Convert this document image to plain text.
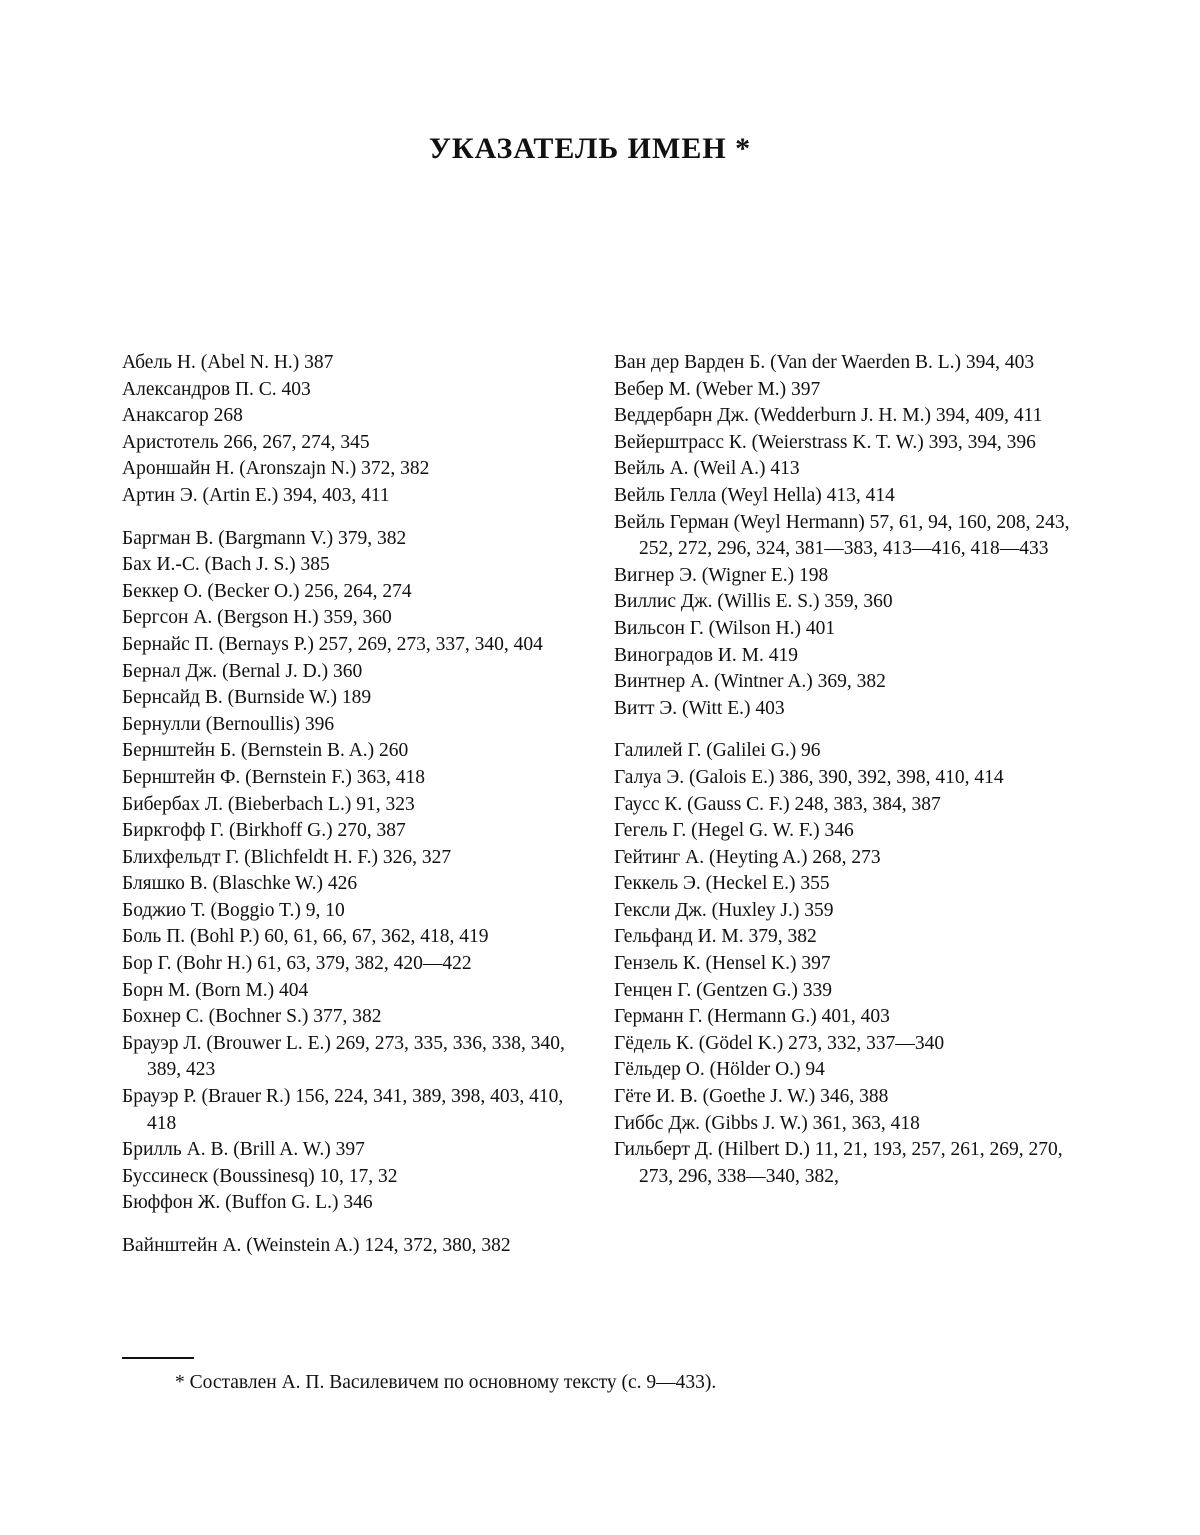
УКАЗАТЕЛЬ ИМЕН *
Абель Н. (Abel N. H.) 387
Александров П. С. 403
Анаксагор 268
Аристотель 266, 267, 274, 345
Ароншайн Н. (Aronszajn N.) 372, 382
Артин Э. (Artin E.) 394, 403, 411
Баргман В. (Bargmann V.) 379, 382
Бах И.-С. (Bach J. S.) 385
Беккер О. (Becker O.) 256, 264, 274
Бергсон А. (Bergson H.) 359, 360
Бернайс П. (Bernays P.) 257, 269, 273, 337, 340, 404
Бернал Дж. (Bernal J. D.) 360
Бернсайд В. (Burnside W.) 189
Бернулли (Bernoullis) 396
Бернштейн Б. (Bernstein B. A.) 260
Бернштейн Ф. (Bernstein F.) 363, 418
Бибербах Л. (Bieberbach L.) 91, 323
Биркгофф Г. (Birkhoff G.) 270, 387
Блихфельдт Г. (Blichfeldt H. F.) 326, 327
Бляшко В. (Blaschke W.) 426
Боджио Т. (Boggio T.) 9, 10
Боль П. (Bohl P.) 60, 61, 66, 67, 362, 418, 419
Бор Г. (Bohr H.) 61, 63, 379, 382, 420—422
Борн М. (Born M.) 404
Бохнер С. (Bochner S.) 377, 382
Брауэр Л. (Brouwer L. E.) 269, 273, 335, 336, 338, 340, 389, 423
Брауэр Р. (Brauer R.) 156, 224, 341, 389, 398, 403, 410, 418
Брилль А. В. (Brill A. W.) 397
Буссинеск (Boussinesq) 10, 17, 32
Бюффон Ж. (Buffon G. L.) 346
Вайнштейн А. (Weinstein A.) 124, 372, 380, 382
Ван дер Варден Б. (Van der Waerden B. L.) 394, 403
Вебер М. (Weber M.) 397
Веддербарн Дж. (Wedderburn J. H. M.) 394, 409, 411
Вейерштрасс К. (Weierstrass K. T. W.) 393, 394, 396
Вейль А. (Weil A.) 413
Вейль Гелла (Weyl Hella) 413, 414
Вейль Герман (Weyl Hermann) 57, 61, 94, 160, 208, 243, 252, 272, 296, 324, 381—383, 413—416, 418—433
Вигнер Э. (Wigner E.) 198
Виллис Дж. (Willis E. S.) 359, 360
Вильсон Г. (Wilson H.) 401
Виноградов И. М. 419
Винтнер А. (Wintner A.) 369, 382
Витт Э. (Witt E.) 403
Галилей Г. (Galilei G.) 96
Галуа Э. (Galois E.) 386, 390, 392, 398, 410, 414
Гаусс К. (Gauss C. F.) 248, 383, 384, 387
Гегель Г. (Hegel G. W. F.) 346
Гейтинг А. (Heyting A.) 268, 273
Геккель Э. (Heckel E.) 355
Гексли Дж. (Huxley J.) 359
Гельфанд И. М. 379, 382
Гензель К. (Hensel K.) 397
Генцен Г. (Gentzen G.) 339
Германн Г. (Hermann G.) 401, 403
Гёдель К. (Gödel K.) 273, 332, 337—340
Гёльдер О. (Hölder O.) 94
Гёте И. В. (Goethe J. W.) 346, 388
Гиббс Дж. (Gibbs J. W.) 361, 363, 418
Гильберт Д. (Hilbert D.) 11, 21, 193, 257, 261, 269, 270, 273, 296, 338—340, 382,
* Составлен А. П. Василевичем по основному тексту (с. 9—433).
